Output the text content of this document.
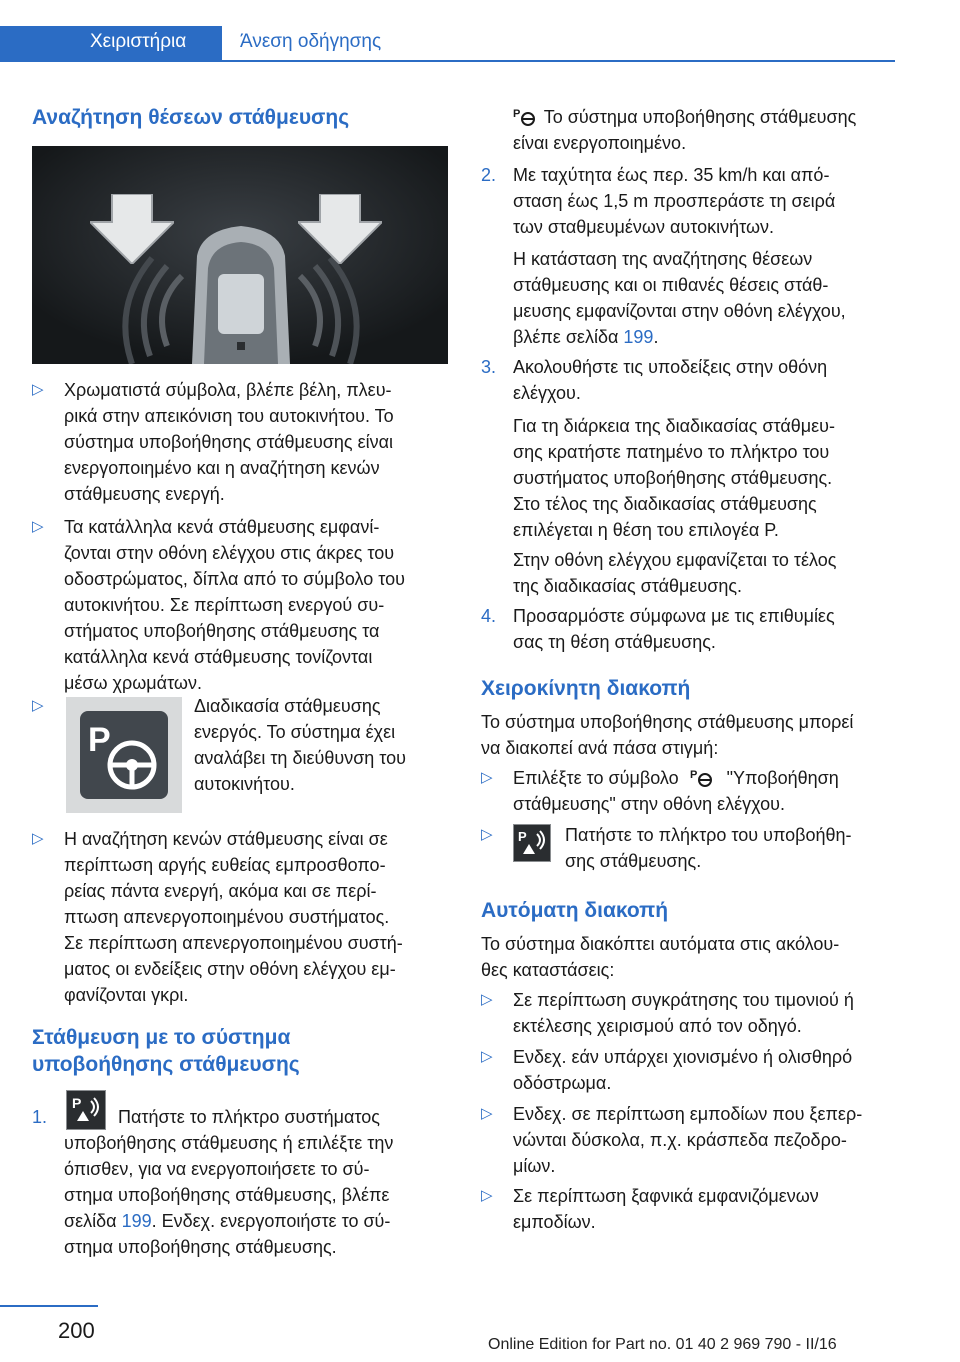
Χειριστήρια	Άνεση οδήγησης
Αναζήτηση θέσεων στάθμευσης
▷ Χρωματιστά σύμβολα, βλέπε βέλη, πλευ-
ρικά στην απεικόνιση του αυτοκινήτου. Το
σύστημα υποβοήθησης στάθμευσης είναι
ενεργοποιημένο και η αναζήτηση κενών
στάθμευσης ενεργή.
▷ Τα κατάλληλα κενά στάθμευσης εμφανί-
ζονται στην οθόνη ελέγχου στις άκρες του
οδοστρώματος, δίπλα από το σύμβολο του
αυτοκινήτου. Σε περίπτωση ενεργού συ-
στήματος υποβοήθησης στάθμευσης τα
κατάλληλα κενά στάθμευσης τονίζονται
μέσω χρωμάτων.
▷
P
Διαδικασία στάθμευσης
ενεργός. Το σύστημα έχει
αναλάβει τη διεύθυνση του
αυτοκινήτου.
▷ Η αναζήτηση κενών στάθμευσης είναι σε
περίπτωση αργής ευθείας εμπροσθοπο-
ρείας πάντα ενεργή, ακόμα και σε περί-
πτωση απενεργοποιημένου συστήματος.
Σε περίπτωση απενεργοποιημένου συστή-
ματος οι ενδείξεις στην οθόνη ελέγχου εμ-
φανίζονται γκρι.
Στάθμευση με το σύστημα
υποβοήθησης στάθμευσης
1.
P
Πατήστε το πλήκτρο συστήματος
υποβοήθησης στάθμευσης ή επιλέξτε την
όπισθεν, για να ενεργοποιήσετε το σύ-
στημα υποβοήθησης στάθμευσης, βλέπε
σελίδα 199. Ενδεχ. ενεργοποιήστε το σύ-
στημα υποβοήθησης στάθμευσης.
P Το σύστημα υποβοήθησης στάθμευσης
είναι ενεργοποιημένο.
2. Με ταχύτητα έως περ. 35 km/h και από-
σταση έως 1,5 m προσπεράστε τη σειρά
των σταθμευμένων αυτοκινήτων.
Η κατάσταση της αναζήτησης θέσεων
στάθμευσης και οι πιθανές θέσεις στάθ-
μευσης εμφανίζονται στην οθόνη ελέγχου,
βλέπε σελίδα 199.
3. Ακολουθήστε τις υποδείξεις στην οθόνη
ελέγχου.
Για τη διάρκεια της διαδικασίας στάθμευ-
σης κρατήστε πατημένο το πλήκτρο του
συστήματος υποβοήθησης στάθμευσης.
Στο τέλος της διαδικασίας στάθμευσης
επιλέγεται η θέση του επιλογέα P.
Στην οθόνη ελέγχου εμφανίζεται το τέλος
της διαδικασίας στάθμευσης.
4. Προσαρμόστε σύμφωνα με τις επιθυμίες
σας τη θέση στάθμευσης.
Χειροκίνητη διακοπή
Το σύστημα υποβοήθησης στάθμευσης μπορεί
να διακοπεί ανά πάσα στιγμή:
▷ Επιλέξτε το σύμβολο P "Υποβοήθηση
στάθμευσης" στην οθόνη ελέγχου.
▷ P Πατήστε το πλήκτρο του υποβοήθη-
σης στάθμευσης.
Αυτόματη διακοπή
Το σύστημα διακόπτει αυτόματα στις ακόλου-
θες καταστάσεις:
▷ Σε περίπτωση συγκράτησης του τιμονιού ή
εκτέλεσης χειρισμού από τον οδηγό.
▷ Ενδεχ. εάν υπάρχει χιονισμένο ή ολισθηρό
οδόστρωμα.
▷ Ενδεχ. σε περίπτωση εμποδίων που ξεπερ-
νώνται δύσκολα, π.χ. κράσπεδα πεζοδρο-
μίων.
▷ Σε περίπτωση ξαφνικά εμφανιζόμενων
εμποδίων.
200
Online Edition for Part no. 01 40 2 969 790 - II/16
